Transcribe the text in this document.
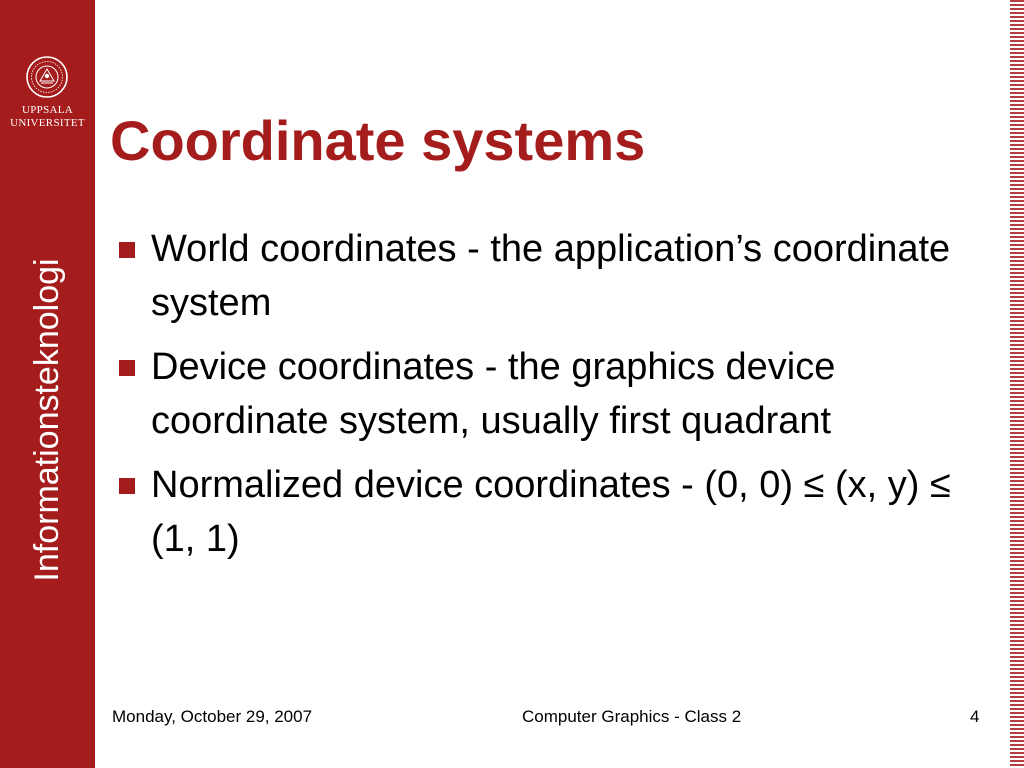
UPPSALA
UNIVERSITET
Informationsteknologi
Coordinate systems
World coordinates - the application’s coordinate system
Device coordinates - the graphics device coordinate system, usually first quadrant
Normalized device coordinates - (0, 0) ≤ (x, y) ≤ (1, 1)
Monday, October 29, 2007	Computer Graphics - Class 2	4
